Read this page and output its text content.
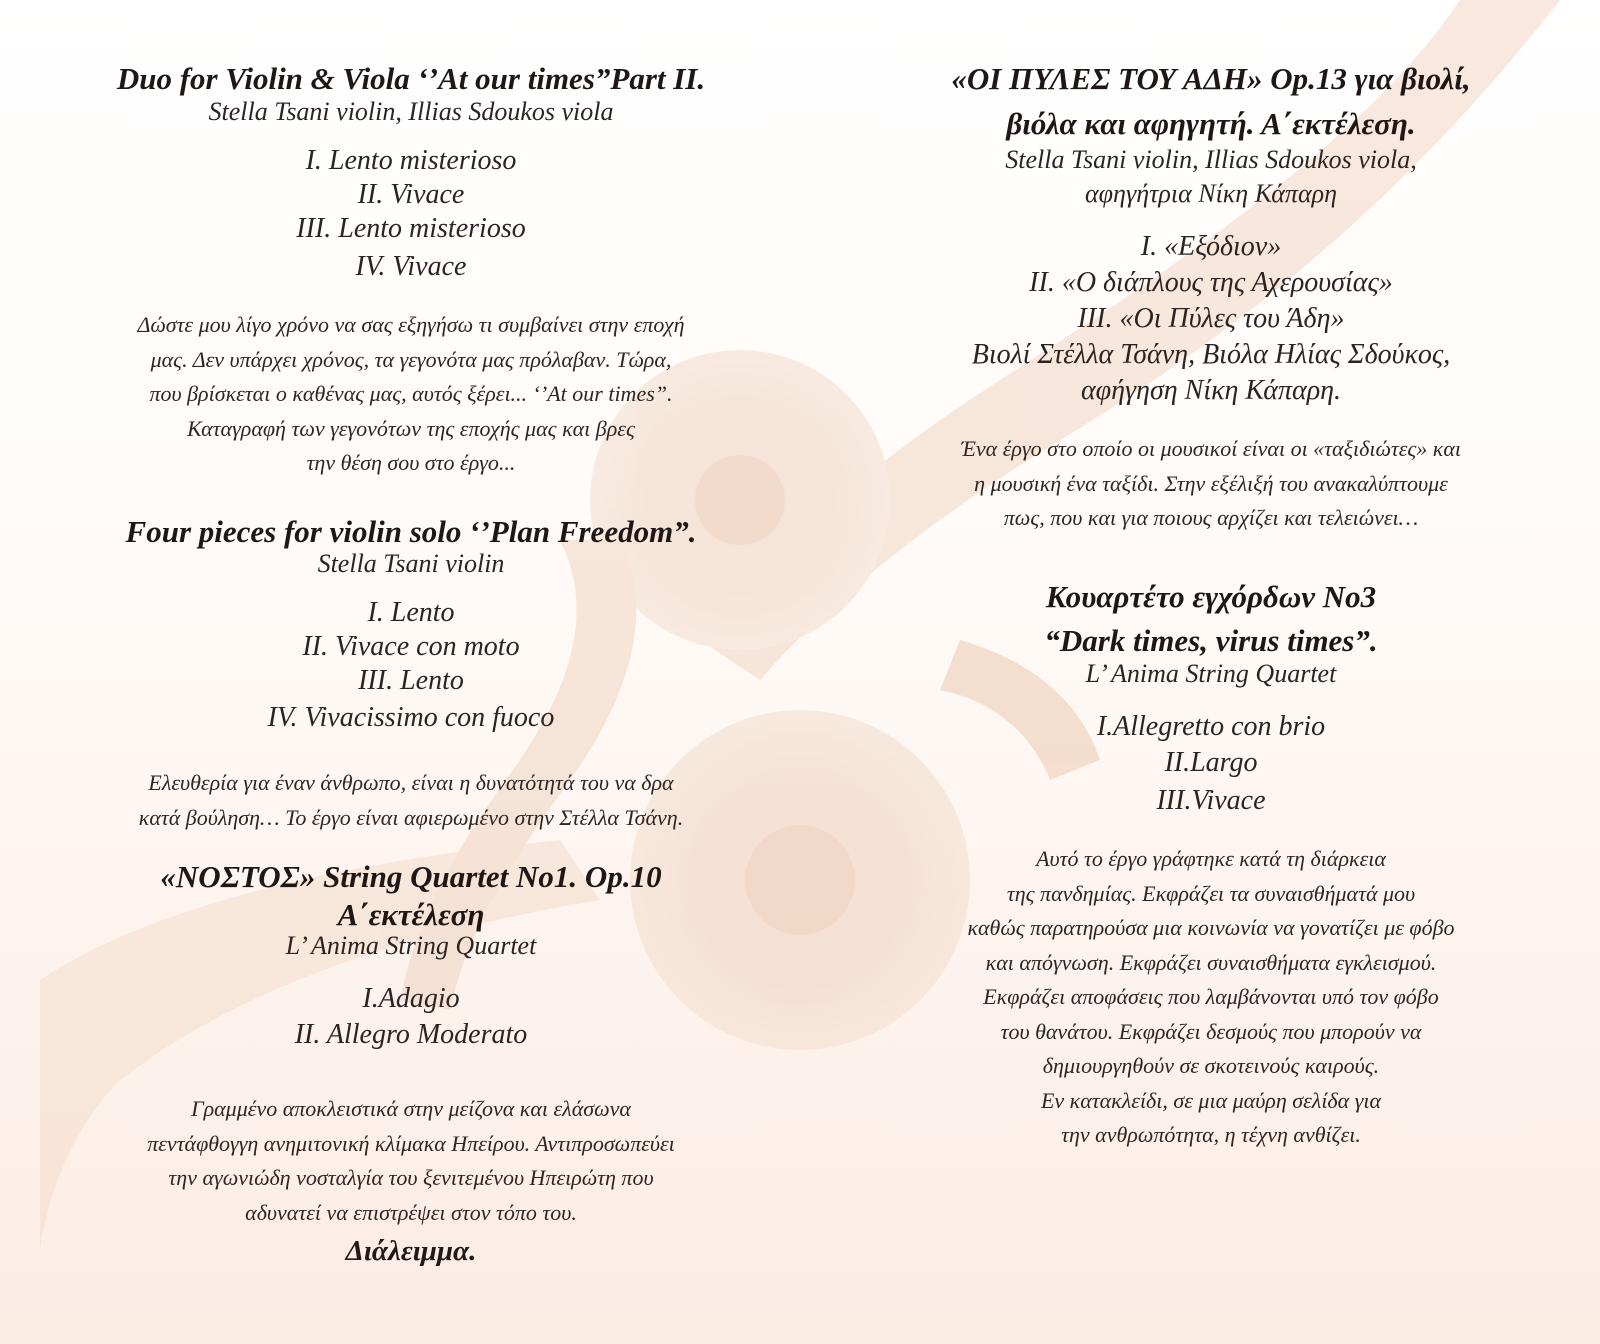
Duo for Violin & Viola ‘’At our times”Part II.
Stella Tsani violin, Illias Sdoukos viola
I. Lento misterioso
II. Vivace
III. Lento misterioso
IV. Vivace
Δώστε μου λίγο χρόνο να σας εξηγήσω τι συμβαίνει στην εποχή
μας. Δεν υπάρχει χρόνος, τα γεγονότα μας πρόλαβαν. Τώρα,
που βρίσκεται ο καθένας μας, αυτός ξέρει... ‘’At our times”.
Καταγραφή των γεγονότων της εποχής μας και βρες
την θέση σου στο έργο...
Four pieces for violin solo ‘’Plan Freedom”.
Stella Tsani violin
I. Lento
II. Vivace con moto
III. Lento
IV. Vivacissimo con fuoco
Ελευθερία για έναν άνθρωπο, είναι η δυνατότητά του να δρα
κατά βούληση… Το έργο είναι αφιερωμένο στην Στέλλα Τσάνη.
«ΝΟΣΤΟΣ» String Quartet No1. Op.10
Α΄εκτέλεση
L’ Anima String Quartet
I.Adagio
II. Allegro Moderato
Γραμμένο αποκλειστικά στην μείζονα και ελάσωνα
πεντάφθογγη ανημιτονική κλίμακα Ηπείρου. Αντιπροσωπεύει
την αγωνιώδη νοσταλγία του ξενιτεμένου Ηπειρώτη που
αδυνατεί να επιστρέψει στον τόπο του.
Διάλειμμα.
«ΟΙ ΠΥΛΕΣ ΤΟΥ ΑΔΗ» Op.13 για βιολί,
βιόλα και αφηγητή. Α΄εκτέλεση.
Stella Tsani violin, Illias Sdoukos viola,
αφηγήτρια Νίκη Κάπαρη
I. «Εξόδιον»
II. «Ο διάπλους της Αχερουσίας»
III. «Οι Πύλες του Άδη»
Βιολί Στέλλα Τσάνη, Βιόλα Ηλίας Σδούκος,
αφήγηση Νίκη Κάπαρη.
Ένα έργο στο οποίο οι μουσικοί είναι οι «ταξιδιώτες» και
η μουσική ένα ταξίδι. Στην εξέλιξή του ανακαλύπτουμε
πως, που και για ποιους αρχίζει και τελειώνει…
Κουαρτέτο εγχόρδων Νο3
“Dark times, virus times”.
L’ Anima String Quartet
I.Allegretto con brio
II.Largo
III.Vivace
Αυτό το έργο γράφτηκε κατά τη διάρκεια
της πανδημίας. Εκφράζει τα συναισθήματά μου
καθώς παρατηρούσα μια κοινωνία να γονατίζει με φόβο
και απόγνωση. Εκφράζει συναισθήματα εγκλεισμού.
Εκφράζει αποφάσεις που λαμβάνονται υπό τον φόβο
του θανάτου. Εκφράζει δεσμούς που μπορούν να
δημιουργηθούν σε σκοτεινούς καιρούς.
Εν κατακλείδι, σε μια μαύρη σελίδα για
την ανθρωπότητα, η τέχνη ανθίζει.
